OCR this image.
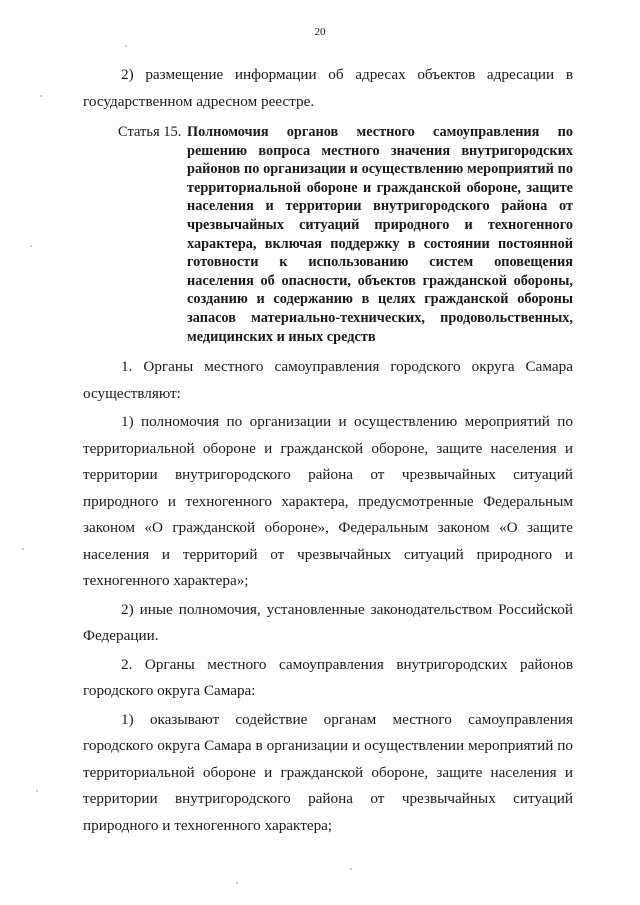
20

2) размещение информации об адресах объектов адресации в государственном адресном реестре.

Статья 15. Полномочия органов местного самоуправления по решению вопроса местного значения внутригородских районов по организации и осуществлению мероприятий по территориальной обороне и гражданской обороне, защите населения и территории внутригородского района от чрезвычайных ситуаций природного и техногенного характера, включая поддержку в состоянии постоянной готовности к использованию систем оповещения населения об опасности, объектов гражданской обороны, созданию и содержанию в целях гражданской обороны запасов материально-технических, продовольственных, медицинских и иных средств

1. Органы местного самоуправления городского округа Самара осуществляют:

1) полномочия по организации и осуществлению мероприятий по территориальной обороне и гражданской обороне, защите населения и территории внутригородского района от чрезвычайных ситуаций природного и техногенного характера, предусмотренные Федеральным законом «О гражданской обороне», Федеральным законом «О защите населения и территорий от чрезвычайных ситуаций природного и техногенного характера»;

2) иные полномочия, установленные законодательством Российской Федерации.

2. Органы местного самоуправления внутригородских районов городского округа Самара:

1) оказывают содействие органам местного самоуправления городского округа Самара в организации и осуществлении мероприятий по территориальной обороне и гражданской обороне, защите населения и территории внутригородского района от чрезвычайных ситуаций природного и техногенного характера;
